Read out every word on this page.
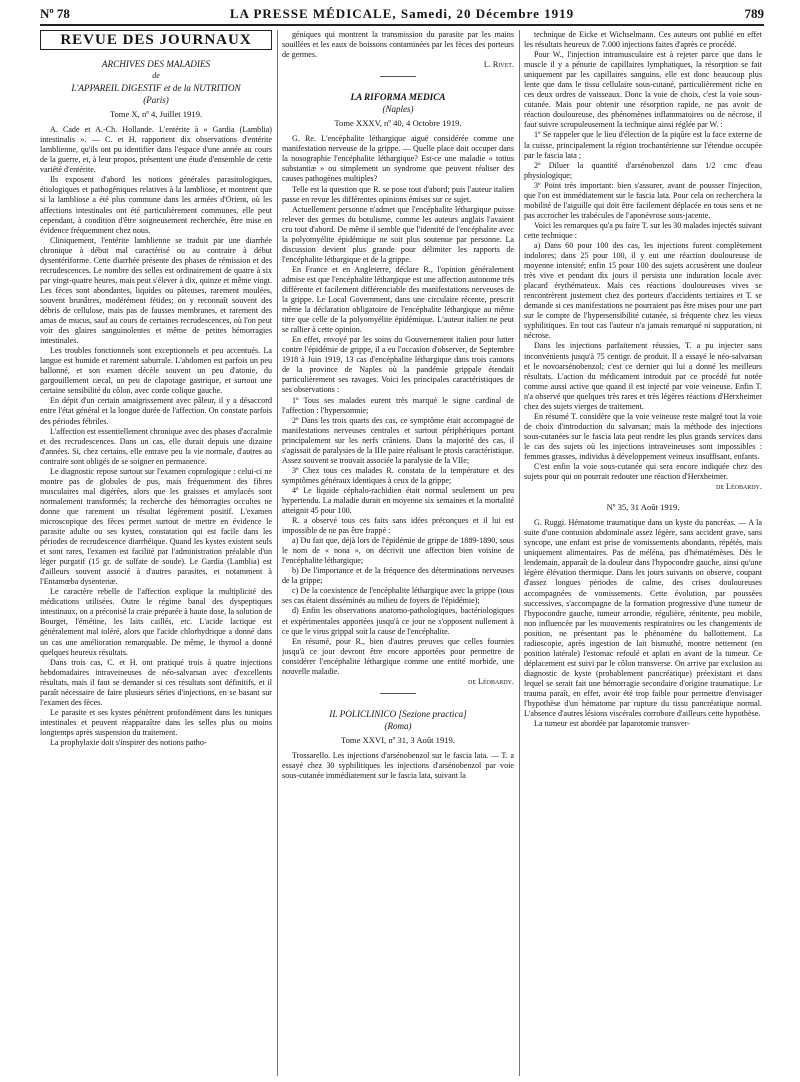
Nº 78	LA PRESSE MÉDICALE, Samedi, 20 Décembre 1919	789
REVUE DES JOURNAUX
ARCHIVES DES MALADIES
de
L'APPAREIL DIGESTIF et de la NUTRITION
(Paris)
Tome X, nº 4, Juillet 1919.

A. Cade et A.-Ch. Hollande. L'entérite à « Gardia (Lamblia) intestinalis ». — C. et H. rapportent dix observations d'entérite lamblienne, qu'ils ont pu identifier dans l'espace d'une année au cours de la guerre, et, à leur propos, présentent une étude d'ensemble de cette variété d'entérite.

Ils exposent d'abord les notions générales parasitologiques, étiologiques et pathogéniques relatives à la lambliose, et montrent que si la lambliose a été plus commune dans les armées d'Orient, où les affections intestinales ont été particulièrement communes, elle peut cependant, à condition d'être soigneusement recherchée, être mise en évidence fréquemment chez nous.

Cliniquement, l'entérite lamblienne se traduit par une diarrhée chronique à début mal caractérisé ou au contraire à début dysentériforme. Cette diarrhée présente des phases de rémission et des recrudescences. Le nombre des selles est ordinairement de quatre à six par vingt-quatre heures, mais peut s'élever à dix, quinze et même vingt. Les fèces sont abondantes, liquides ou pâteuses, rarement moulées, souvent brunâtres, modérément fétides; on y reconnaît souvent des débris de cellulose, mais pas de fausses membranes, et rarement des amas de mucus, sauf au cours de certaines recrudescences, où l'on peut voir des glaires sanguinolentes et même de petites hémorragies intestinales.

Les troubles fonctionnels sont exceptionnels et peu accentués. La langue est humide et rarement saburrale. L'abdomen est parfois un peu ballonné, et son examen décèle souvent un peu d'atonie, du gargouillement cæcal, un peu de clapotage gastrique, et surtout une certaine sensibilité du côlon, avec corde colique gauche.

En dépit d'un certain amaigrissement avec pâleur, il y a désaccord entre l'état général et la longue durée de l'affection. On constate parfois des périodes fébriles.

L'affection est essentiellement chronique avec des phases d'accalmie et des recrudescences. Dans un cas, elle durait depuis une dizaine d'années. Si, chez certains, elle entrave peu la vie normale, d'autres au contraire sont obligés de se soigner en permanence.

Le diagnostic repose surtout sur l'examen coprologique : celui-ci ne montre pas de globules de pus, mais fréquemment des fibres musculaires mal digérées, alors que les graisses et amylacés sont normalement transformés; la recherche des hémorragies occultes ne donne que rarement un résultat légèrement positif. L'examen microscopique des fèces permet surtout de mettre en évidence le parasite adulte ou ses kystes, constatation qui est facile dans les périodes de recrudescence diarrhéique. Quand les kystes existent seuls et sont rares, l'examen est facilité par l'administration préalable d'un léger purgatif (15 gr. de sulfate de soude). Le Gardia (Lamblia) est d'ailleurs souvent associé à d'autres parasites, et notamment à l'Entamœba dysenteriæ.

Le caractère rebelle de l'affection explique la multiplicité des médications utilisées. Outre le régime banal des dyspeptiques intestinaux, on a préconisé la craie préparée à haute dose, la solution de Bourget, l'émétine, les laits caillés, etc. L'acide lactique est généralement mal toléré, alors que l'acide chlorhydrique a donné dans un cas une amélioration remarquable. De même, le thymol a donné quelques heureux résultats.

Dans trois cas, C. et H. ont pratiqué trois à quatre injections hebdomadaires intraveineuses de néo-salvarsan avec d'excellents résultats, mais il faut se demander si ces résultats sont définitifs, et il paraît nécessaire de faire plusieurs séries d'injections, en se basant sur l'examen des fèces.

Le parasite et ses kystes pénètrent profondément dans les tuniques intestinales et peuvent réapparaître dans les selles plus ou moins longtemps après suspension du traitement.

La prophylaxie doit s'inspirer des notions patho-

géniques qui montrent la transmission du parasite par les mains souillées et les eaux de boissons contaminées par les fèces des porteurs de germes.

L. Rivet.

LA RIFORMA MEDICA
(Naples)
Tome XXXV, nº 40, 4 Octobre 1919.

G. Re. L'encéphalite léthargique aiguë considérée comme une manifestation nerveuse de la grippe. — Quelle place doit occuper dans la nosographie l'encéphalite léthargique? Est-ce une maladie « totius substantiæ » ou simplement un syndrome que peuvent réaliser des causes pathogènes multiples?

Telle est la question que R. se pose tout d'abord; puis l'auteur italien passe en revue les différentes opinions émises sur ce sujet.

Actuellement personne n'admet que l'encéphalite léthargique puisse relever des germes du botulisme, comme les auteurs anglais l'avaient cru tout d'abord. De même il semble que l'identité de l'encéphalite avec la polyomyélite épidémique ne soit plus soutenue par personne. La discussion devient plus grande pour délimiter les rapports de l'encéphalite léthargique et de la grippe.

En France et en Angleterre, déclare R., l'opinion généralement admise est que l'encéphalite léthargique est une affection autonome très différente et facilement différenciable des manifestations nerveuses de la grippe. Le Local Government, dans une circulaire récente, prescrit même la déclaration obligatoire de l'encéphalite léthargique au même titre que celle de la polyomyélite épidémique. L'auteur italien ne peut se rallier à cette opinion.

En effet, envoyé par les soins du Gouvernement italien pour lutter contre l'épidémie de grippe, il a eu l'occasion d'observer, de Septembre 1918 à Juin 1919, 13 cas d'encéphalite léthargique dans trois cantons de la province de Naples où la pandémie grippale étendait particulièrement ses ravages. Voici les principales caractéristiques de ses observations :

1º Tous ses malades eurent très marqué le signe cardinal de l'affection : l'hypersomnie;

2º Dans les trois quarts des cas, ce symptôme était accompagné de manifestations nerveuses centrales et surtout périphériques portant principalement sur les nerfs crâniens. Dans la majorité des cas, il s'agissait de paralysies de la IIIe paire réalisant le ptosis caractéristique. Assez souvent se trouvait associée la paralysie de la VIIe;

3º Chez tous ces malades R. constata de la température et des symptômes généraux identiques à ceux de la grippe;

4º Le liquide céphalo-rachidien était normal seulement un peu hypertendu. La maladie durait en moyenne six semaines et la mortalité atteignit 45 pour 100.

R. a observé tous ces faits sans idées préconçues et il lui est impossible de ne pas être frappé :

a) Du fait que, déjà lors de l'épidémie de grippe de 1889-1890, sous le nom de « nona », on décrivit une affection bien voisine de l'encéphalite léthargique;

b) De l'importance et de la fréquence des déterminations nerveuses de la grippe;

c) De la coexistence de l'encéphalite léthargique avec la grippe (tous ses cas étaient disséminés au milieu de foyers de l'épidémie);

d) Enfin les observations anatomo-pathologiques, bactériologiques et expérimentales apportées jusqu'à ce jour ne s'opposent nullement à ce que le virus grippal soit la cause de l'encéphalite.

En résumé, pour R., bien d'autres preuves que celles fournies jusqu'à ce jour devront être encore apportées pour permettre de considérer l'encéphalite léthargique comme une entité morbide, une nouvelle maladie.

de Léobardy.

IL POLICLINICO [Sezione practica]
(Roma)
Tome XXVI, nº 31, 3 Août 1919.

Trossarello. Les injections d'arsénobenzol sur le fascia lata. — T. a essayé chez 30 syphilitiques les injections d'arsénobenzol par voie sous-cutanée immédiatement sur le fascia lata, suivant la

technique de Eicke et Wichselmann. Ces auteurs ont publié en effet les résultats heureux de 7.000 injections faites d'après ce procédé.

Pour W., l'injection intramusculaire est à rejeter parce que dans le muscle il y a pénurie de capillaires lymphatiques, la résorption se fait uniquement par les capillaires sanguins, elle est donc beaucoup plus lente que dans le tissu cellulaire sous-cutané, particulièrement riche en ces deux ordres de vaisseaux. Donc la voie de choix, c'est la voie sous-cutanée. Mais pour obtenir une résorption rapide, ne pas avoir de réaction douloureuse, des phénomènes inflammatoires ou de nécrose, il faut suivre scrupuleusement la technique ainsi réglée par W. :

1º Se rappeler que le lieu d'élection de la piqûre est la face externe de la cuisse, principalement la région trochantérienne sur l'étendue occupée par le fascia lata ;

2º Diluer la quantité d'arsénobenzol dans 1/2 cmc d'eau physiologique;

3º Point très important: bien s'assurer, avant de pousser l'injection, que l'on est immédiatement sur le fascia lata. Pour cela on recherchera la mobilité de l'aiguille qui doit être facilement déplacée en tous sens et ne pas accrocher les trabécules de l'aponévrose sous-jacente.

Voici les remarques qu'a pu faire T. sur les 30 malades injectés suivant cette technique :

a) Dans 60 pour 100 des cas, les injections furent complètement indolores; dans 25 pour 100, il y eut une réaction douloureuse de moyenne intensité; enfin 15 pour 100 des sujets accusèrent une douleur très vive et pendant dix jours il persista une induration locale avec placard érythémateux. Mais ces réactions douloureuses vives se rencontrèrent justement chez des porteurs d'accidents tertiaires et T. se demande si ces manifestations ne pourraient pas être mises pour une part sur le compte de l'hypersensibilité cutanée, si fréquente chez les vieux syphilitiques. En tout cas l'auteur n'a jamais remarqué ni suppuration, ni nécrose.

Dans les injections parfaitement réussies, T. a pu injecter sans inconvénients jusqu'à 75 centigr. de produit. Il a essayé le néo-salvarsan et le novoarsénobenzol; c'est ce dernier qui lui a donné les meilleurs résultats. L'action du médicament introduit par ce procédé fut notée comme aussi active que quand il est injecté par voie veineuse. Enfin T. n'a observé que quelques très rares et très légères réactions d'Herxheimer chez des sujets vierges de traitement.

En résumé T. considère que la voie veineuse reste malgré tout la voie de choix d'introduction du salvarsan; mais la méthode des injections sous-cutanées sur le fascia lata peut rendre les plus grands services dans le cas des sujets où les injections intraveineuses sont impossibles : femmes grasses, individus à développement veineux insuffisant, enfants.

C'est enfin la voie sous-cutanée qui sera encore indiquée chez des sujets pour qui on pourrait redouter une réaction d'Herxheimer.

de Léobardy.

Nº 35, 31 Août 1919.

G. Ruggi. Hématome traumatique dans un kyste du pancréas. — A la suite d'une contusion abdominale assez légère, sans accident grave, sans syncope, une enfant est prise de vomissements abondants, répétés, mais uniquement alimentaires. Pas de méléna, pas d'hématémèses. Dès le lendemain, apparaît de la douleur dans l'hypocondre gauche, ainsi qu'une légère élévation thermique. Dans les jours suivants on observe, coupant d'assez longues périodes de calme, des crises douloureuses accompagnées de vomissements. Cette évolution, par poussées successives, s'accompagne de la formation progressive d'une tumeur de l'hypocondre gauche, tumeur arrondie, régulière, rénitente, peu mobile, non influencée par les mouvements respiratoires ou les changements de position, ne présentant pas le phénomène du ballottement. La radioscopie, après ingestion de lait bismuthé, montre nettement (en position latérale) l'estomac refoulé et aplati en avant de la tumeur. Ce déplacement est suivi par le côlon transverse. On arrive par exclusion au diagnostic de kyste (probablement pancréatique) préexistant et dans lequel se serait fait une hémorragie secondaire d'origine traumatique. Le trauma paraît, en effet, avoir été trop faible pour permettre d'envisager l'hypothèse d'un hématome par rupture du tissu pancréatique normal. L'absence d'autres lésions viscérales corrobore d'ailleurs cette hypothèse.

La tumeur est abordée par laparotomie transver-
